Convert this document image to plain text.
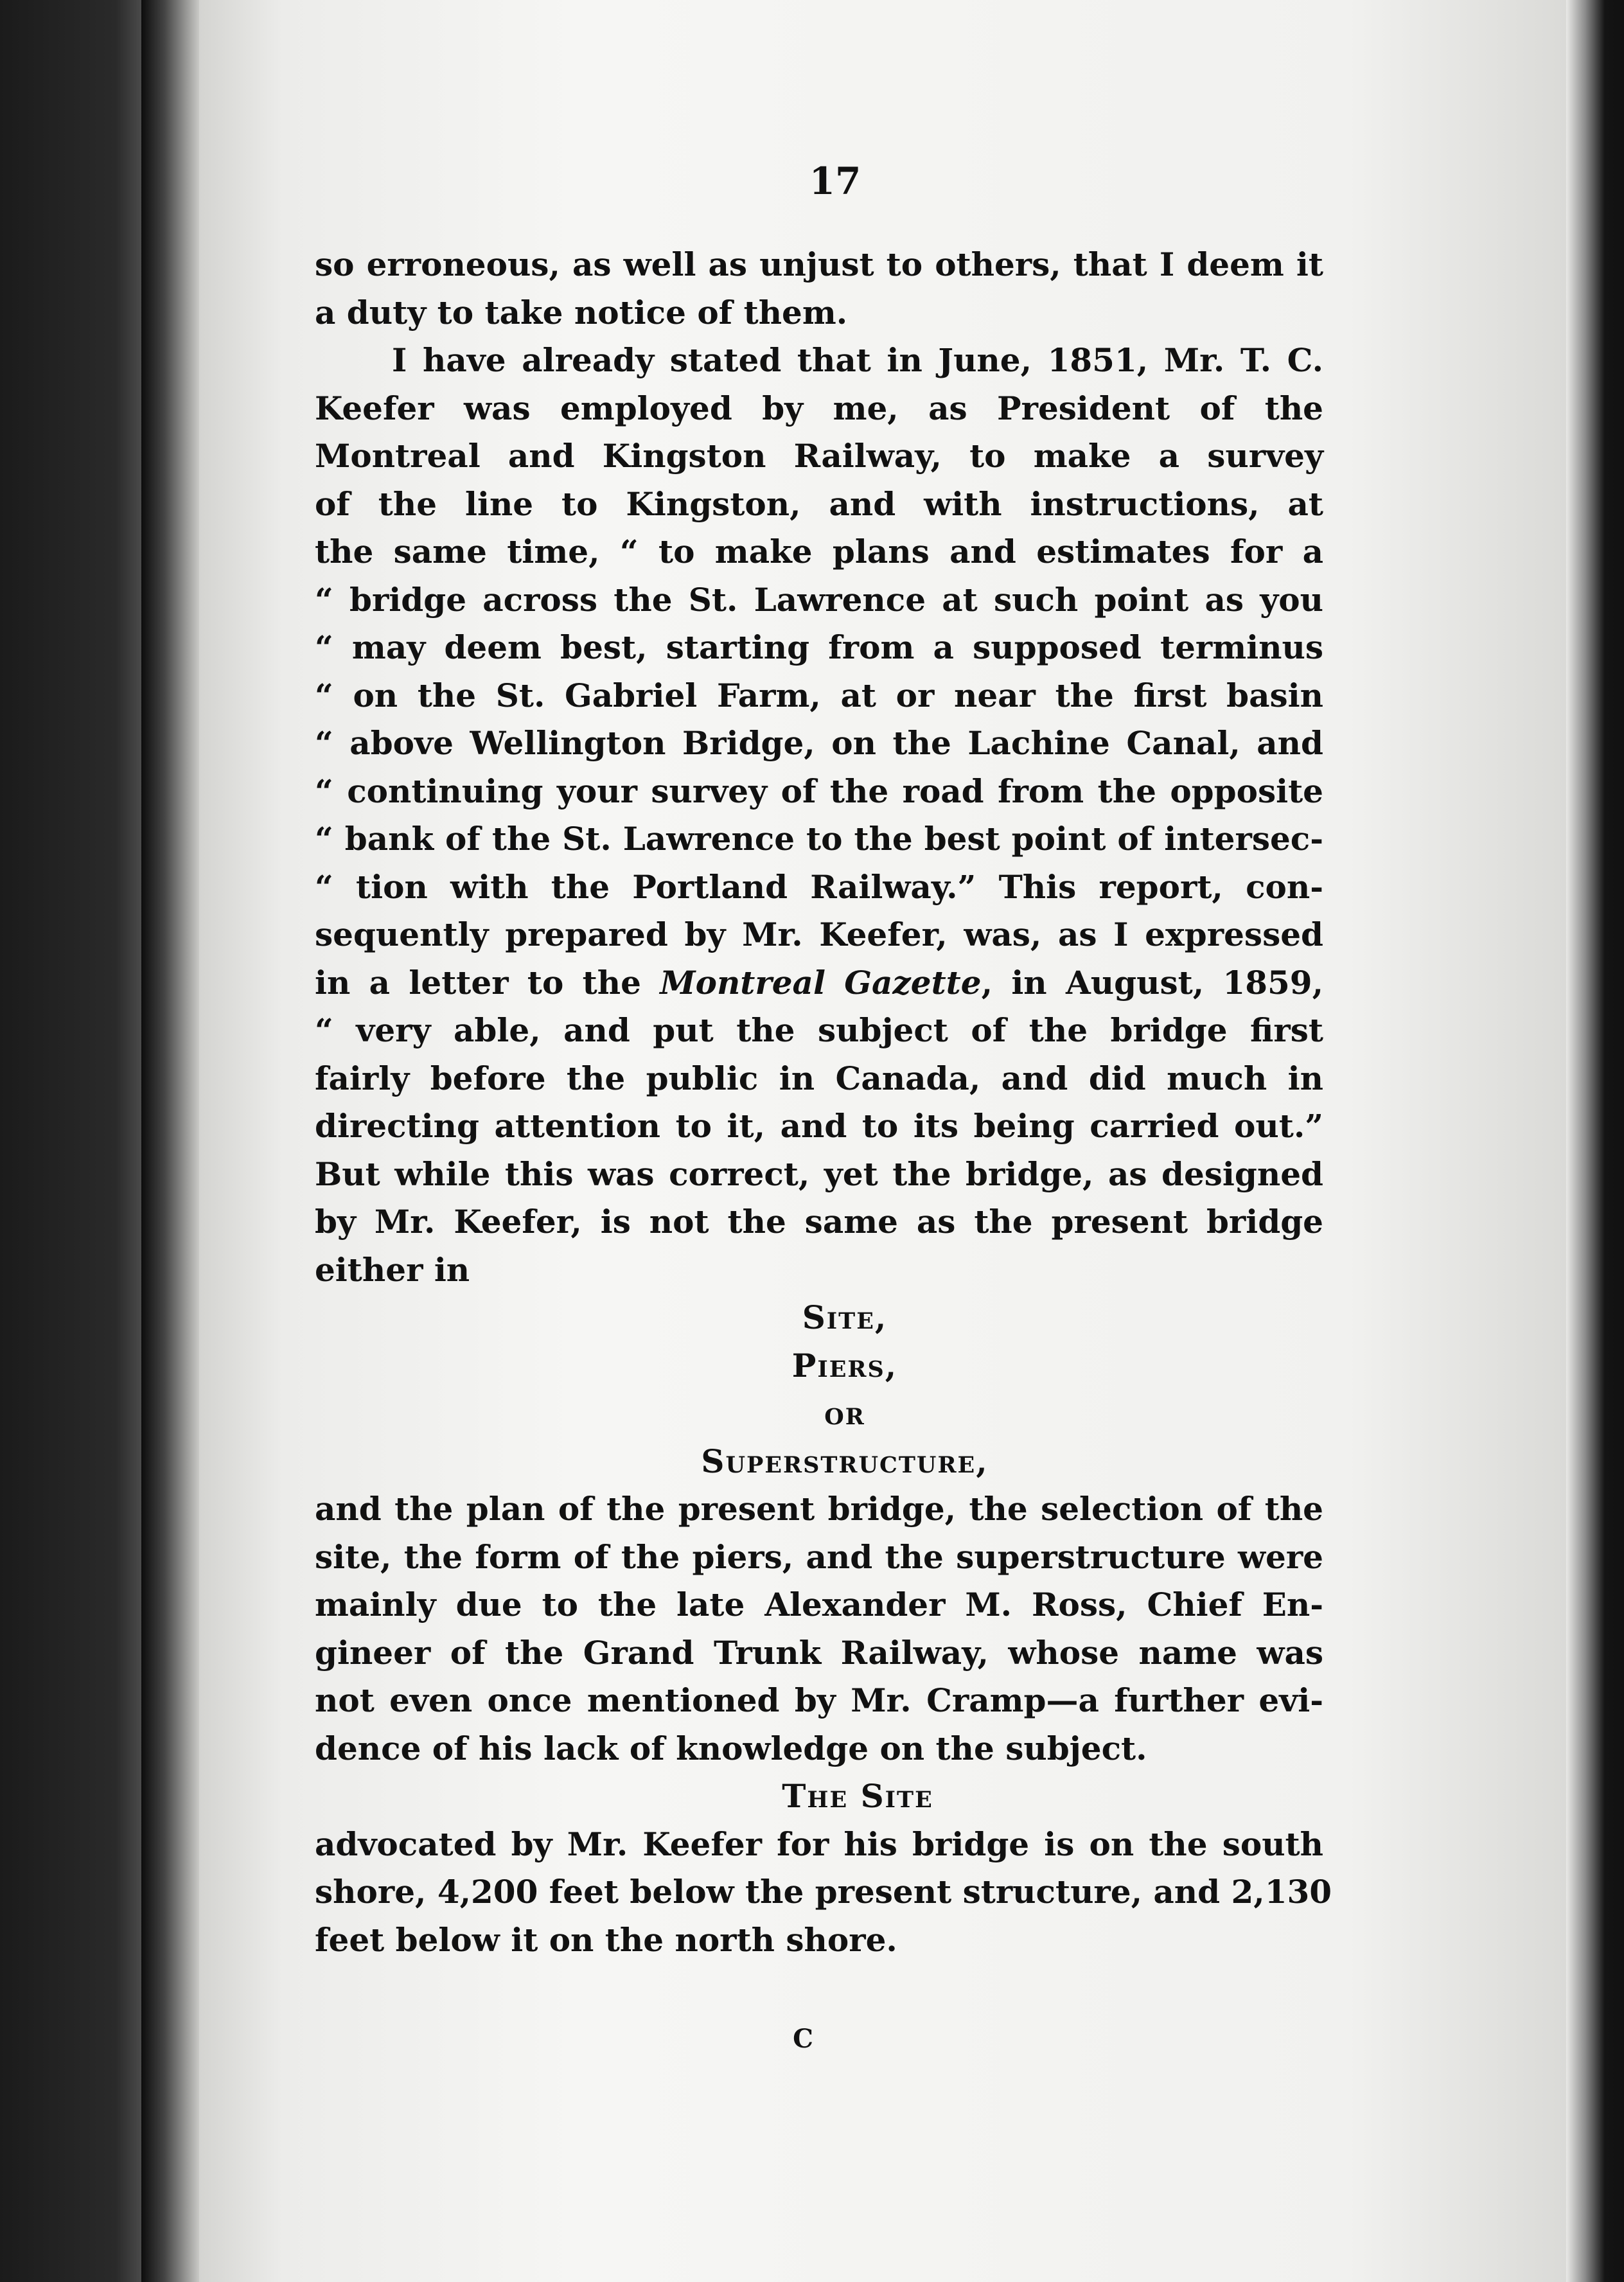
17
so erroneous, as well as unjust to others, that I deem it
a duty to take notice of them.
I have already stated that in June, 1851, Mr. T. C.
Keefer was employed by me, as President of the
Montreal and Kingston Railway, to make a survey
of the line to Kingston, and with instructions, at
the same time, “ to make plans and estimates for a
“ bridge across the St. Lawrence at such point as you
“ may deem best, starting from a supposed terminus
“ on the St. Gabriel Farm, at or near the first basin
“ above Wellington Bridge, on the Lachine Canal, and
“ continuing your survey of the road from the opposite
“ bank of the St. Lawrence to the best point of intersec-
“ tion with the Portland Railway.” This report, con-
sequently prepared by Mr. Keefer, was, as I expressed
in a letter to the Montreal Gazette, in August, 1859,
“ very able, and put the subject of the bridge first
fairly before the public in Canada, and did much in
directing attention to it, and to its being carried out.”
But while this was correct, yet the bridge, as designed
by Mr. Keefer, is not the same as the present bridge
either in
Site,
Piers,
or
Superstructure,
and the plan of the present bridge, the selection of the
site, the form of the piers, and the superstructure were
mainly due to the late Alexander M. Ross, Chief En-
gineer of the Grand Trunk Railway, whose name was
not even once mentioned by Mr. Cramp—a further evi-
dence of his lack of knowledge on the subject.
The Site
advocated by Mr. Keefer for his bridge is on the south
shore, 4,200 feet below the present structure, and 2,130
feet below it on the north shore.
C
